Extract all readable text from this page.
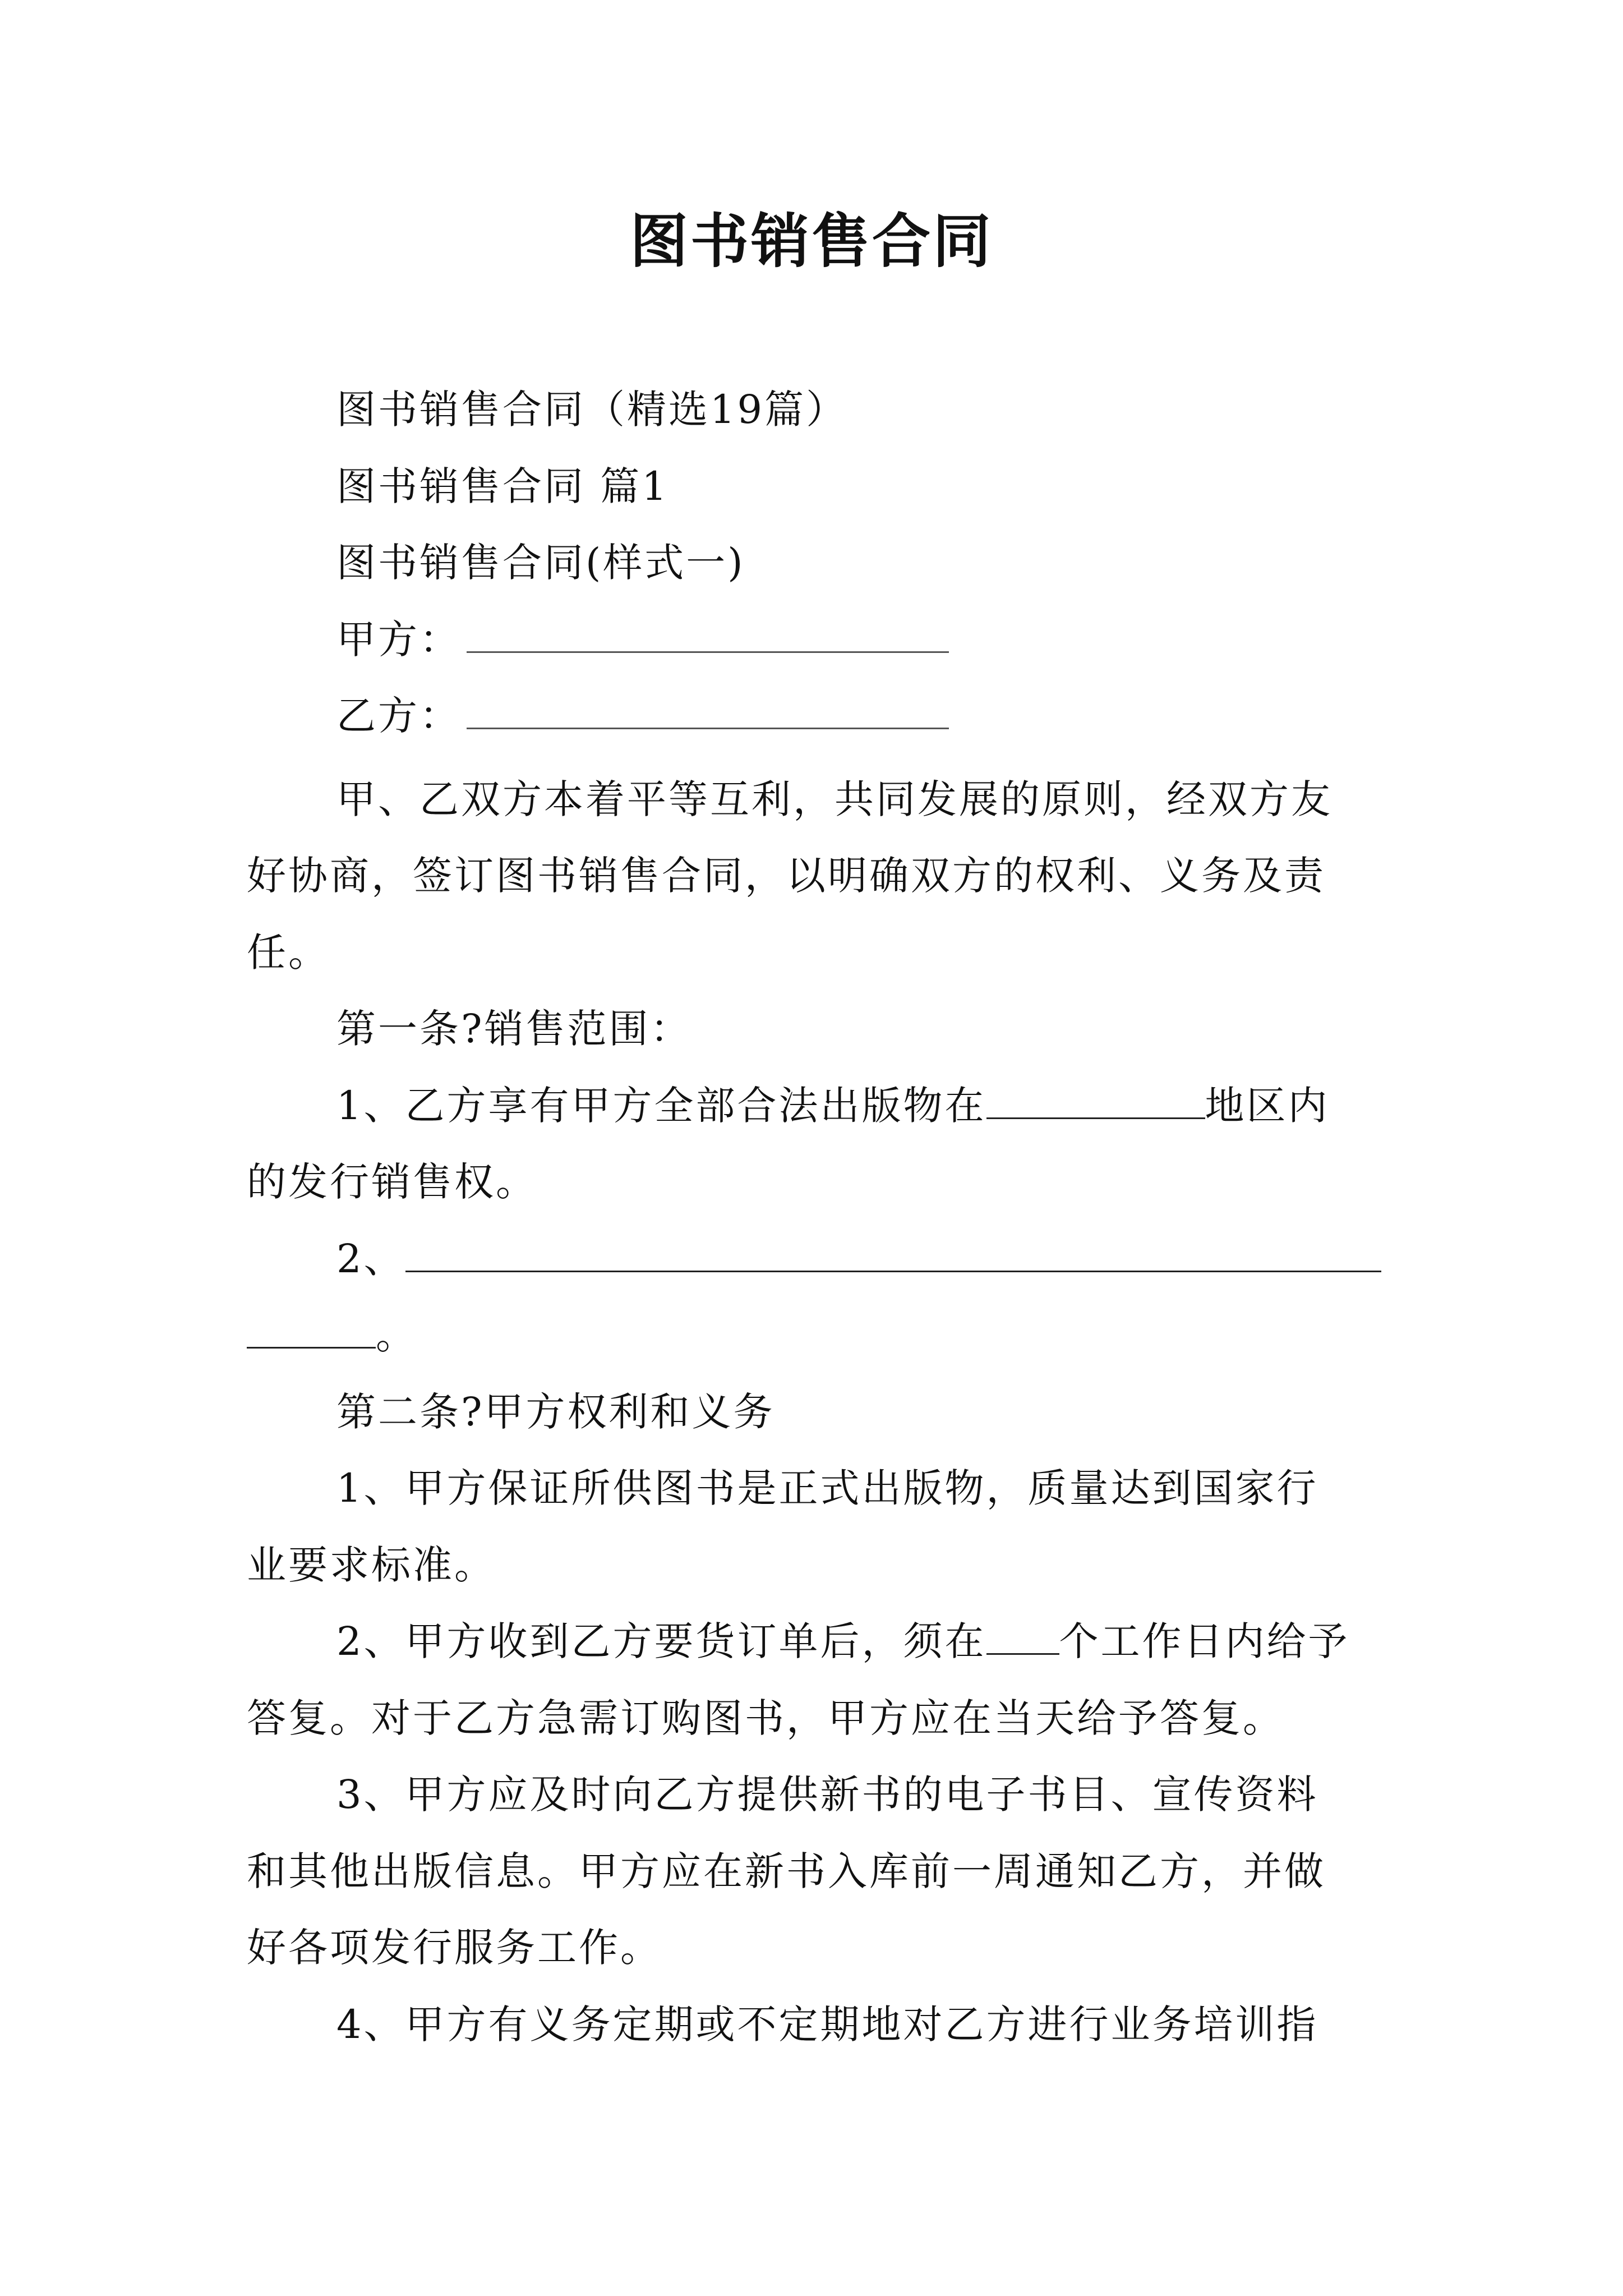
图书销售合同
图书销售合同（精选19篇）
图书销售合同 篇1
图书销售合同(样式一)
甲方：
乙方：
甲、乙双方本着平等互利，共同发展的原则，经双方友
好协商，签订图书销售合同，以明确双方的权利、义务及责
任。
第一条?销售范围：
1、乙方享有甲方全部合法出版物在	地区内
的发行销售权。
2、
。
第二条?甲方权利和义务
1、甲方保证所供图书是正式出版物，质量达到国家行
业要求标准。
2、甲方收到乙方要货订单后，须在 个工作日内给予
答复。对于乙方急需订购图书，甲方应在当天给予答复。
3、甲方应及时向乙方提供新书的电子书目、宣传资料
和其他出版信息。甲方应在新书入库前一周通知乙方，并做
好各项发行服务工作。
4、甲方有义务定期或不定期地对乙方进行业务培训指
